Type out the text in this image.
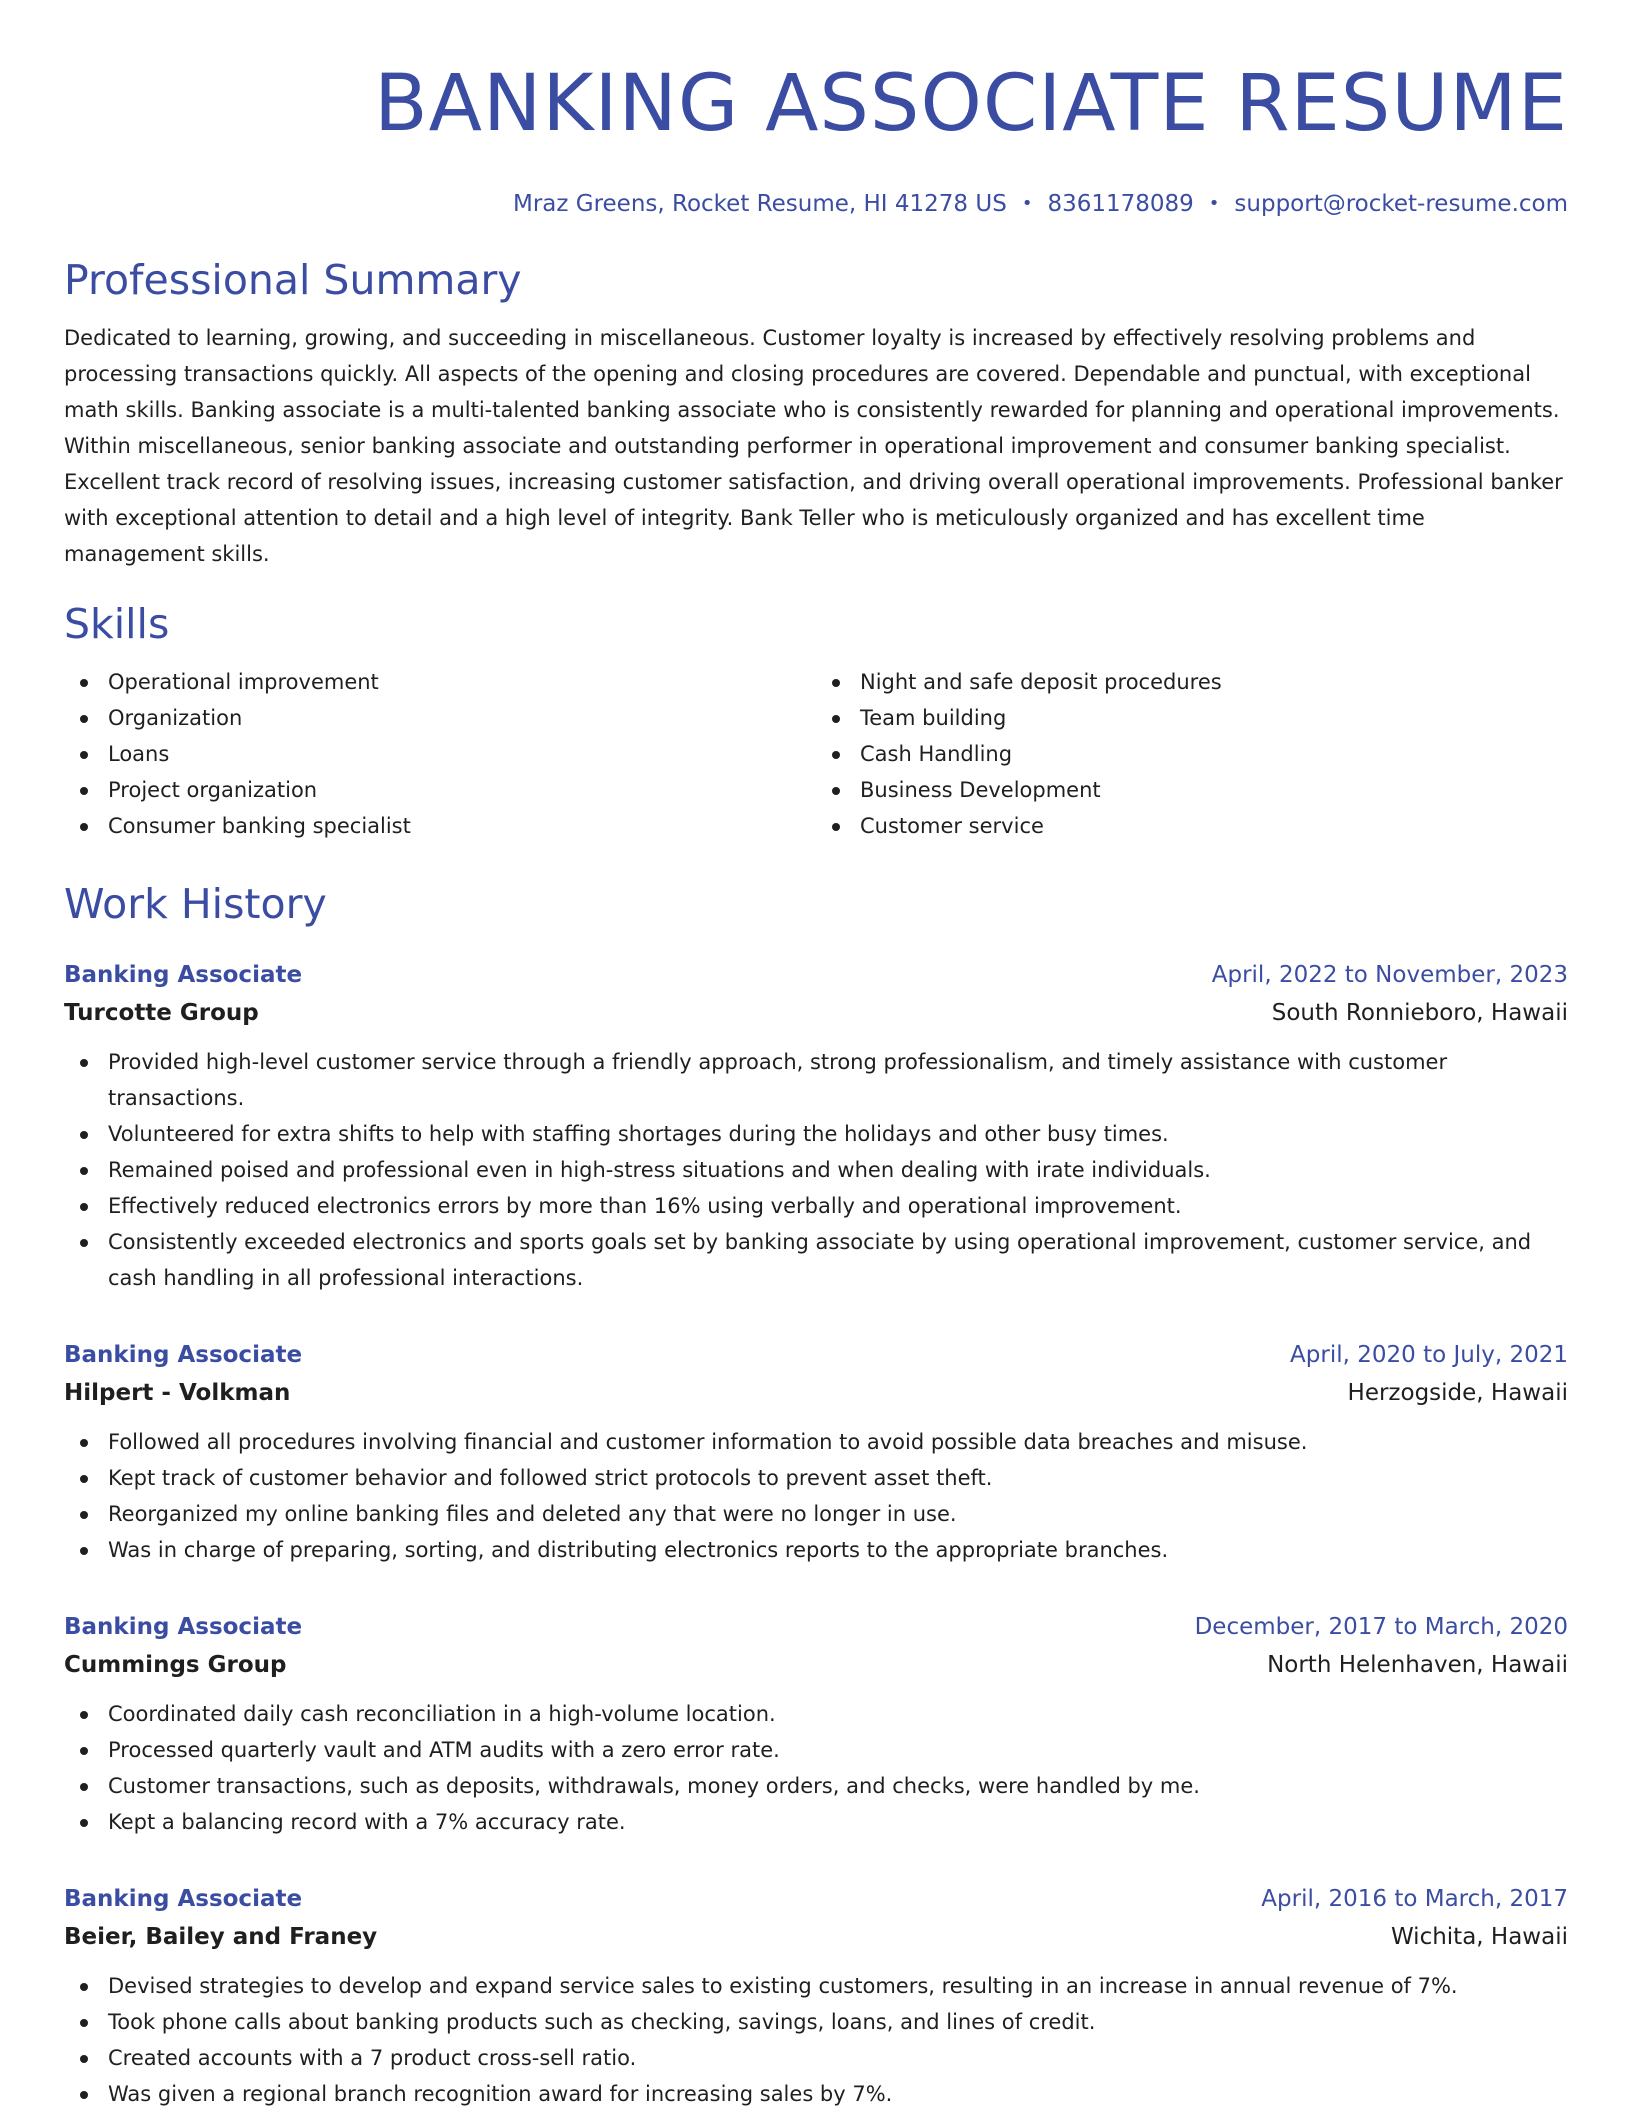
BANKING ASSOCIATE RESUME
Mraz Greens, Rocket Resume, HI 41278 US • 8361178089 • support@rocket-resume.com
Professional Summary
Dedicated to learning, growing, and succeeding in miscellaneous. Customer loyalty is increased by effectively resolving problems and processing transactions quickly. All aspects of the opening and closing procedures are covered. Dependable and punctual, with exceptional math skills. Banking associate is a multi-talented banking associate who is consistently rewarded for planning and operational improvements. Within miscellaneous, senior banking associate and outstanding performer in operational improvement and consumer banking specialist. Excellent track record of resolving issues, increasing customer satisfaction, and driving overall operational improvements. Professional banker with exceptional attention to detail and a high level of integrity. Bank Teller who is meticulously organized and has excellent time management skills.
Skills
Operational improvement
Organization
Loans
Project organization
Consumer banking specialist
Night and safe deposit procedures
Team building
Cash Handling
Business Development
Customer service
Work History
Banking Associate	April, 2022 to November, 2023
Turcotte Group	South Ronnieboro, Hawaii
Provided high-level customer service through a friendly approach, strong professionalism, and timely assistance with customer transactions.
Volunteered for extra shifts to help with staffing shortages during the holidays and other busy times.
Remained poised and professional even in high-stress situations and when dealing with irate individuals.
Effectively reduced electronics errors by more than 16% using verbally and operational improvement.
Consistently exceeded electronics and sports goals set by banking associate by using operational improvement, customer service, and cash handling in all professional interactions.
Banking Associate	April, 2020 to July, 2021
Hilpert - Volkman	Herzogside, Hawaii
Followed all procedures involving financial and customer information to avoid possible data breaches and misuse.
Kept track of customer behavior and followed strict protocols to prevent asset theft.
Reorganized my online banking files and deleted any that were no longer in use.
Was in charge of preparing, sorting, and distributing electronics reports to the appropriate branches.
Banking Associate	December, 2017 to March, 2020
Cummings Group	North Helenhaven, Hawaii
Coordinated daily cash reconciliation in a high-volume location.
Processed quarterly vault and ATM audits with a zero error rate.
Customer transactions, such as deposits, withdrawals, money orders, and checks, were handled by me.
Kept a balancing record with a 7% accuracy rate.
Banking Associate	April, 2016 to March, 2017
Beier, Bailey and Franey	Wichita, Hawaii
Devised strategies to develop and expand service sales to existing customers, resulting in an increase in annual revenue of 7%.
Took phone calls about banking products such as checking, savings, loans, and lines of credit.
Created accounts with a 7 product cross-sell ratio.
Was given a regional branch recognition award for increasing sales by 7%.
